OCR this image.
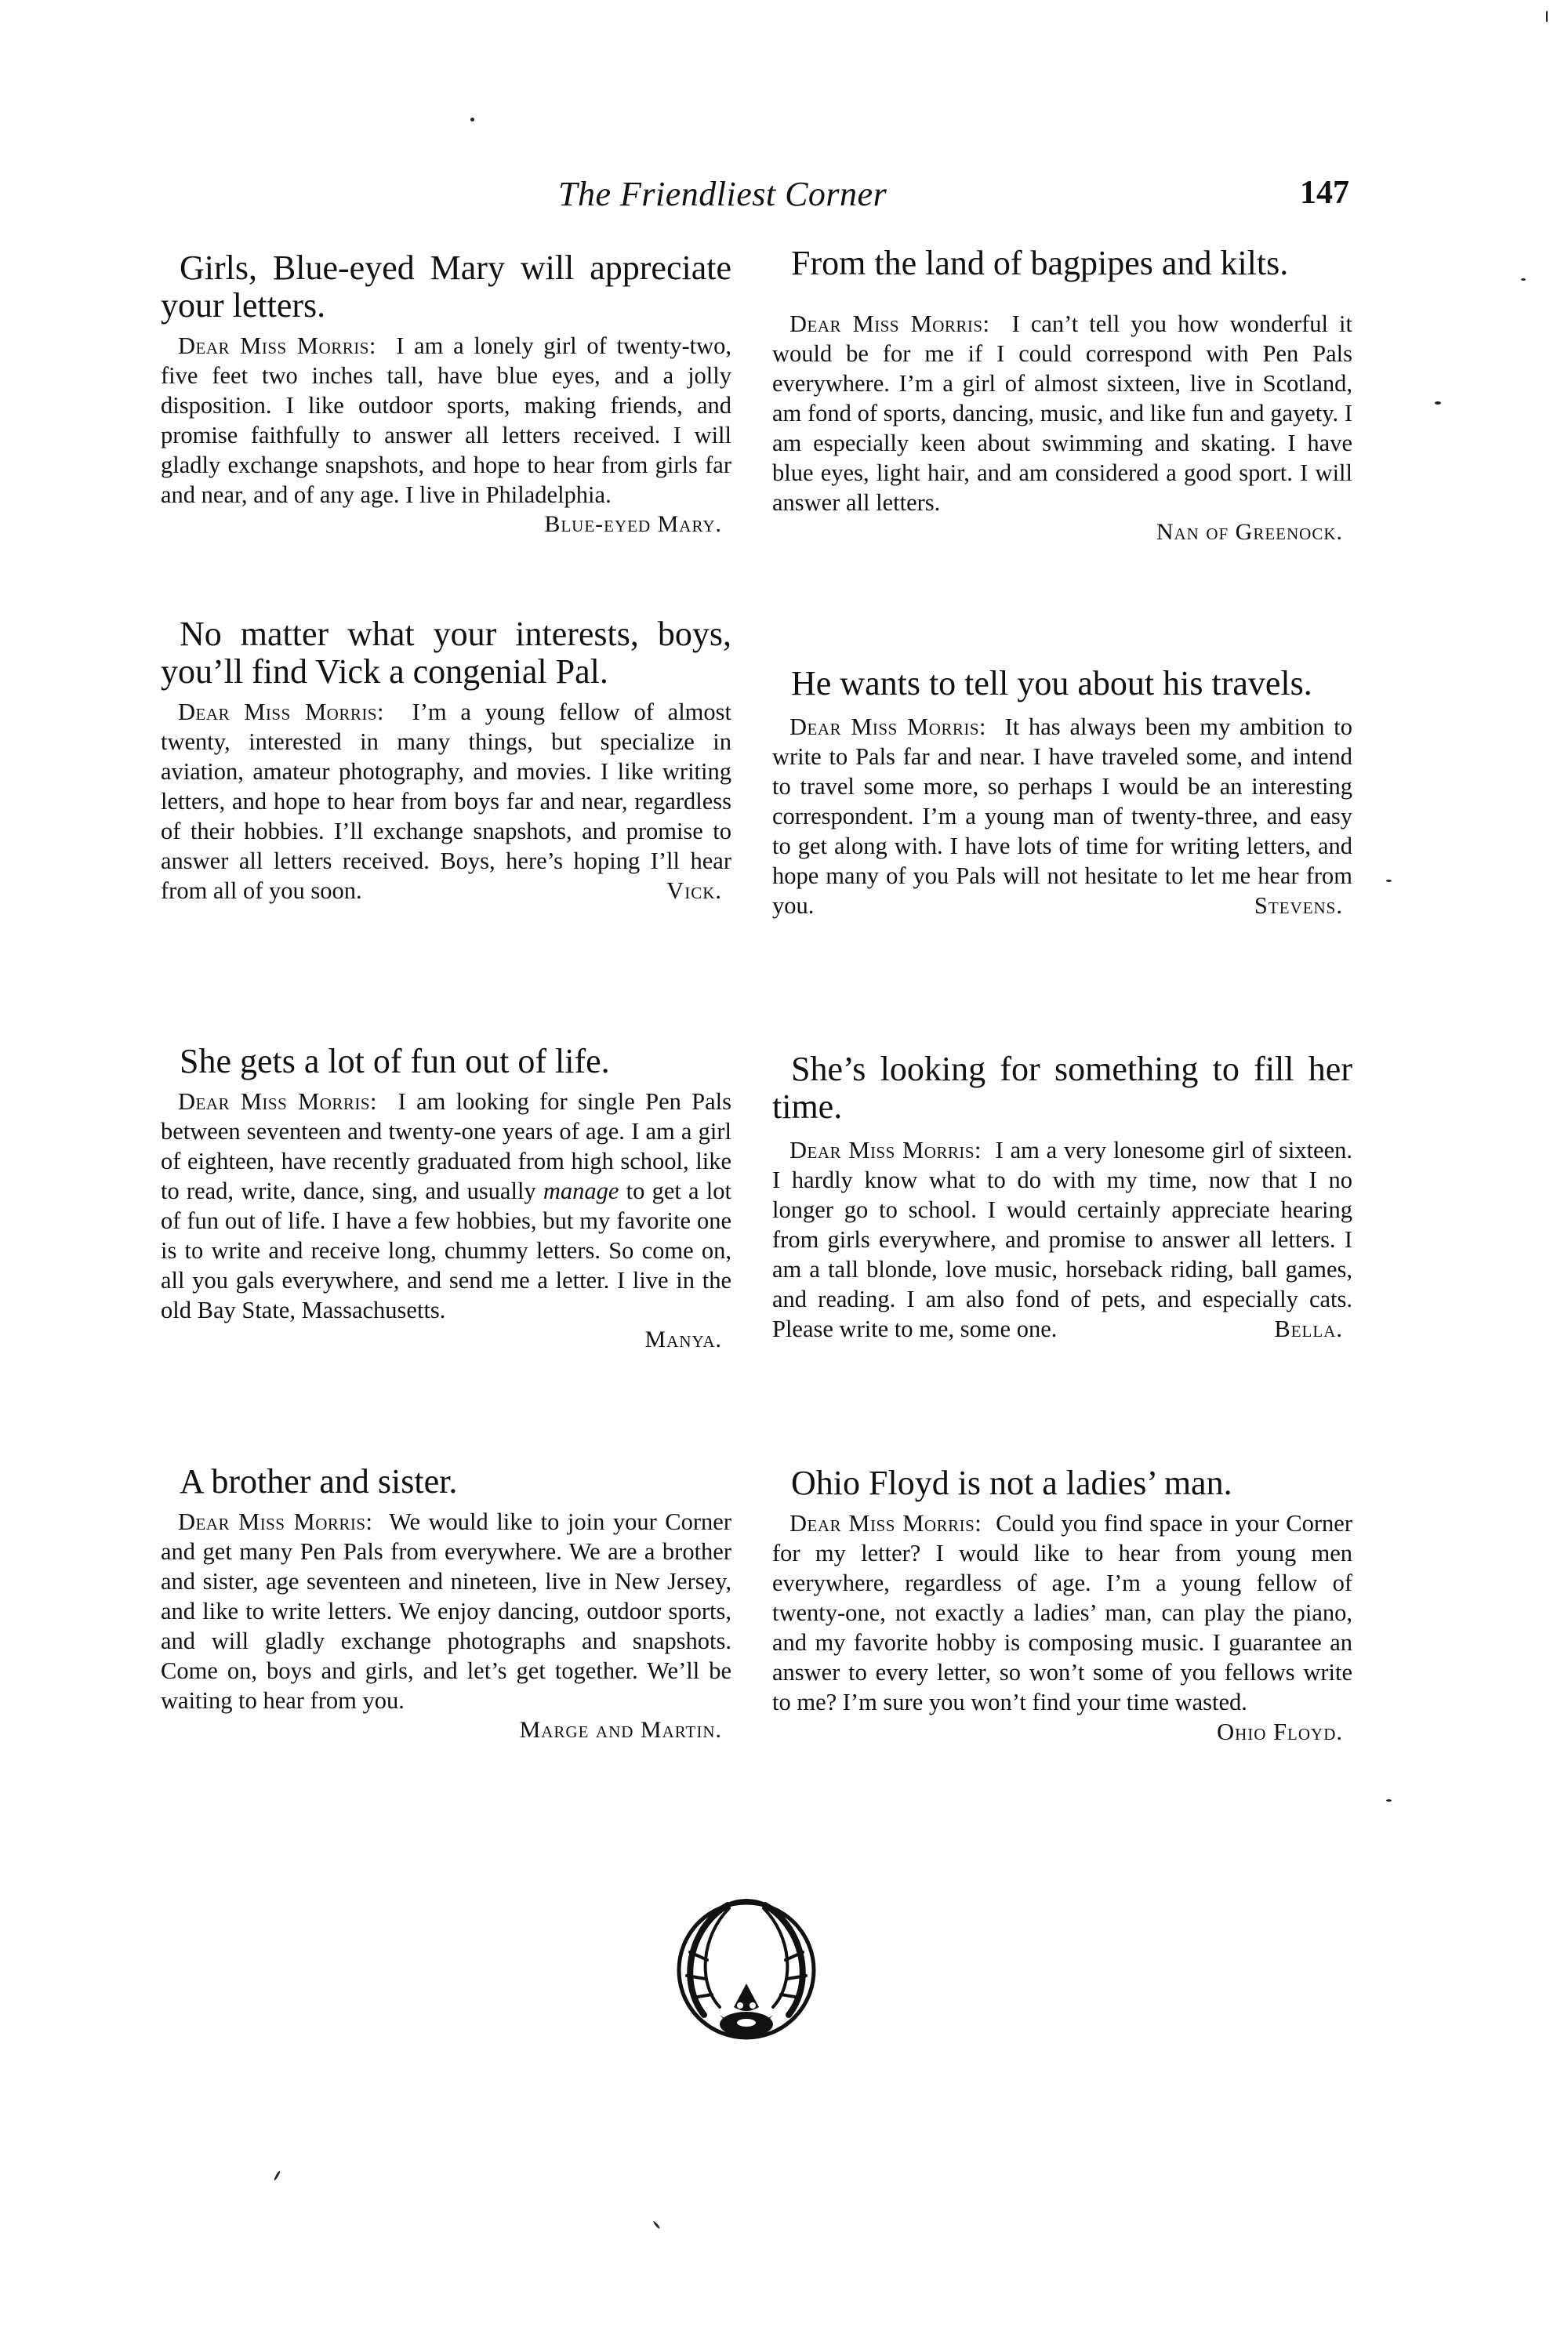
The Friendliest Corner	147
Girls, Blue-eyed Mary will appreciate your letters.

Dear Miss Morris: I am a lonely girl of twenty-two, five feet two inches tall, have blue eyes, and a jolly disposition. I like outdoor sports, making friends, and promise faithfully to answer all letters received. I will gladly exchange snapshots, and hope to hear from girls far and near, and of any age. I live in Philadelphia.

Blue-eyed Mary.
No matter what your interests, boys, you’ll find Vick a congenial Pal.

Dear Miss Morris: I’m a young fellow of almost twenty, interested in many things, but specialize in aviation, amateur photography, and movies. I like writing letters, and hope to hear from boys far and near, regardless of their hobbies. I’ll exchange snapshots, and promise to answer all letters received. Boys, here’s hoping I’ll hear from all of you soon.	Vick.

She gets a lot of fun out of life.

Dear Miss Morris: I am looking for single Pen Pals between seventeen and twenty-one years of age. I am a girl of eighteen, have recently graduated from high school, like to read, write, dance, sing, and usually manage to get a lot of fun out of life. I have a few hobbies, but my favorite one is to write and receive long, chummy letters. So come on, all you gals everywhere, and send me a letter. I live in the old Bay State, Massachusetts.

Manya.
A brother and sister.

Dear Miss Morris: We would like to join your Corner and get many Pen Pals from everywhere. We are a brother and sister, age seventeen and nineteen, live in New Jersey, and like to write letters. We enjoy dancing, outdoor sports, and will gladly exchange photographs and snapshots. Come on, boys and girls, and let’s get together. We’ll be waiting to hear from you.

Marge and Martin.
From the land of bagpipes and kilts.

Dear Miss Morris: I can’t tell you how wonderful it would be for me if I could correspond with Pen Pals everywhere. I’m a girl of almost sixteen, live in Scotland, am fond of sports, dancing, music, and like fun and gayety. I am especially keen about swimming and skating. I have blue eyes, light hair, and am considered a good sport. I will answer all letters.

Nan of Greenock.
He wants to tell you about his travels.

Dear Miss Morris: It has always been my ambition to write to Pals far and near. I have traveled some, and intend to travel some more, so perhaps I would be an interesting correspondent. I’m a young man of twenty-three, and easy to get along with. I have lots of time for writing letters, and hope many of you Pals will not hesitate to let me hear from you.	Stevens.

She’s looking for something to fill her time.

Dear Miss Morris: I am a very lonesome girl of sixteen. I hardly know what to do with my time, now that I no longer go to school. I would certainly appreciate hearing from girls everywhere, and promise to answer all letters. I am a tall blonde, love music, horseback riding, ball games, and reading. I am also fond of pets, and especially cats. Please write to me, some one.	Bella.

Ohio Floyd is not a ladies’ man.

Dear Miss Morris: Could you find space in your Corner for my letter? I would like to hear from young men everywhere, regardless of age. I’m a young fellow of twenty-one, not exactly a ladies’ man, can play the piano, and my favorite hobby is composing music. I guarantee an answer to every letter, so won’t some of you fellows write to me? I’m sure you won’t find your time wasted.
Ohio Floyd.
